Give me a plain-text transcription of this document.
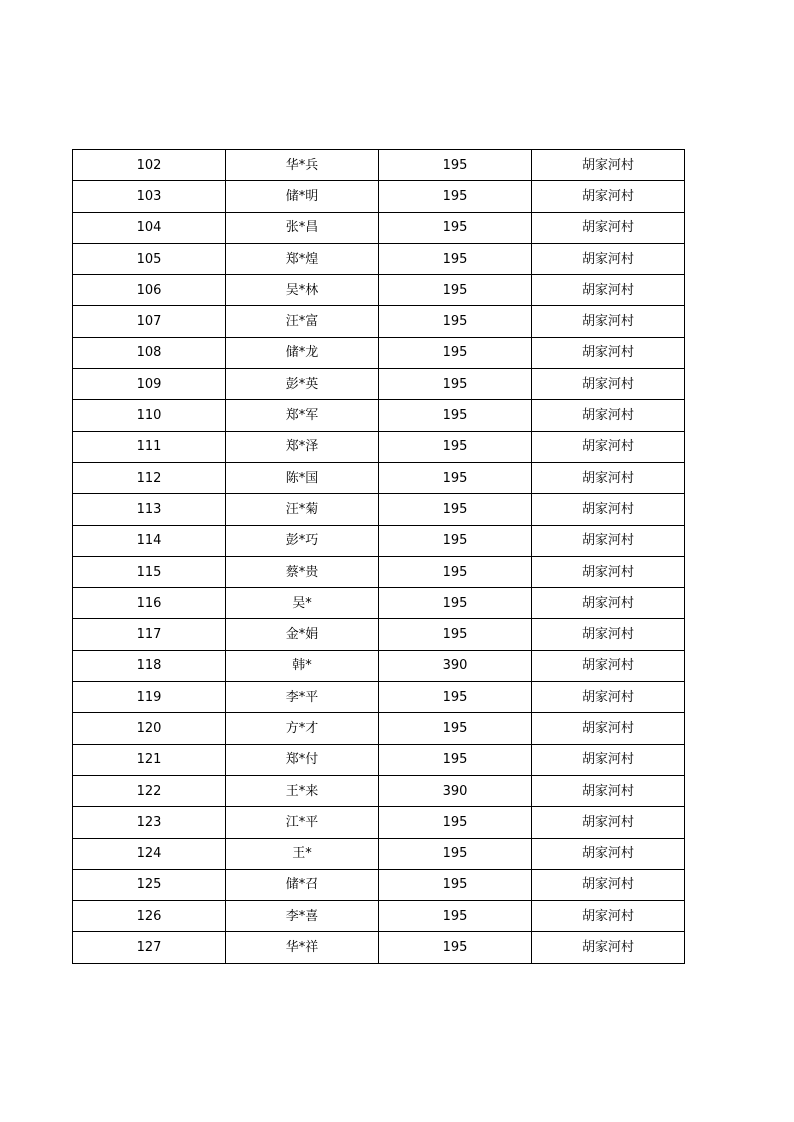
102	华*兵	195	胡家河村
103	储*明	195	胡家河村
104	张*昌	195	胡家河村
105	郑*煌	195	胡家河村
106	吴*林	195	胡家河村
107	汪*富	195	胡家河村
108	储*龙	195	胡家河村
109	彭*英	195	胡家河村
110	郑*军	195	胡家河村
111	郑*泽	195	胡家河村
112	陈*国	195	胡家河村
113	汪*菊	195	胡家河村
114	彭*巧	195	胡家河村
115	蔡*贵	195	胡家河村
116	吴*	195	胡家河村
117	金*娟	195	胡家河村
118	韩*	390	胡家河村
119	李*平	195	胡家河村
120	方*才	195	胡家河村
121	郑*付	195	胡家河村
122	王*来	390	胡家河村
123	江*平	195	胡家河村
124	王*	195	胡家河村
125	储*召	195	胡家河村
126	李*喜	195	胡家河村
127	华*祥	195	胡家河村
